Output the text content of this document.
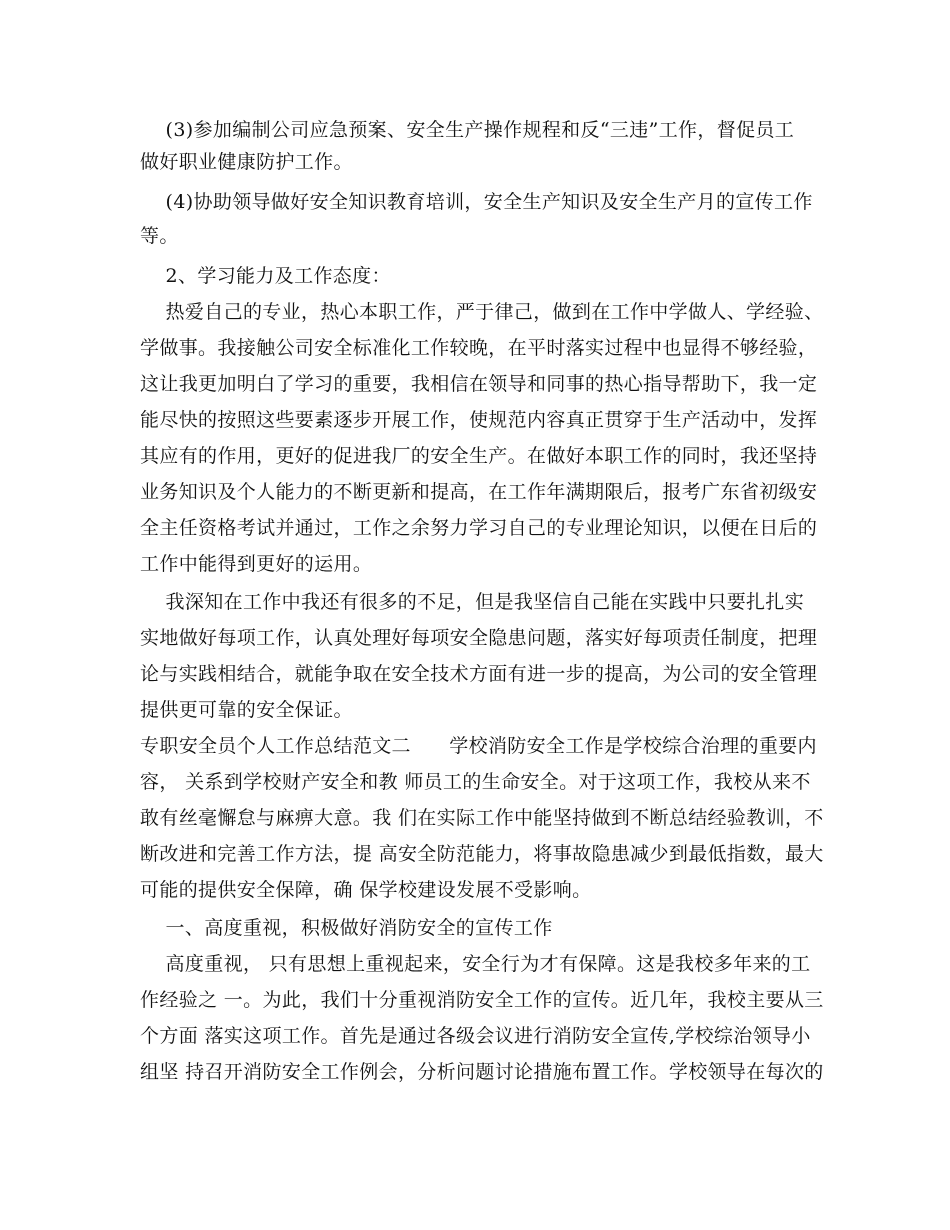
(3)参加编制公司应急预案、安全生产操作规程和反“三违”工作，督促员工
做好职业健康防护工作。
(4)协助领导做好安全知识教育培训，安全生产知识及安全生产月的宣传工作
等。
2、学习能力及工作态度：
热爱自己的专业，热心本职工作，严于律己，做到在工作中学做人、学经验、
学做事。我接触公司安全标准化工作较晚，在平时落实过程中也显得不够经验，
这让我更加明白了学习的重要，我相信在领导和同事的热心指导帮助下，我一定
能尽快的按照这些要素逐步开展工作，使规范内容真正贯穿于生产活动中，发挥
其应有的作用，更好的促进我厂的安全生产。在做好本职工作的同时，我还坚持
业务知识及个人能力的不断更新和提高，在工作年满期限后，报考广东省初级安
全主任资格考试并通过，工作之余努力学习自己的专业理论知识，以便在日后的
工作中能得到更好的运用。
我深知在工作中我还有很多的不足，但是我坚信自己能在实践中只要扎扎实
实地做好每项工作，认真处理好每项安全隐患问题，落实好每项责任制度，把理
论与实践相结合，就能争取在安全技术方面有进一步的提高，为公司的安全管理
提供更可靠的安全保证。
专职安全员个人工作总结范文二      学校消防安全工作是学校综合治理的重要内
容， 关系到学校财产安全和教 师员工的生命安全。对于这项工作，我校从来不
敢有丝毫懈怠与麻痹大意。我 们在实际工作中能坚持做到不断总结经验教训，不
断改进和完善工作方法，提 高安全防范能力，将事故隐患减少到最低指数，最大
可能的提供安全保障，确 保学校建设发展不受影响。
一、高度重视，积极做好消防安全的宣传工作
高度重视， 只有思想上重视起来，安全行为才有保障。这是我校多年来的工
作经验之 一。为此，我们十分重视消防安全工作的宣传。近几年，我校主要从三
个方面 落实这项工作。首先是通过各级会议进行消防安全宣传,学校综治领导小
组坚 持召开消防安全工作例会，分析问题讨论措施布置工作。学校领导在每次的
